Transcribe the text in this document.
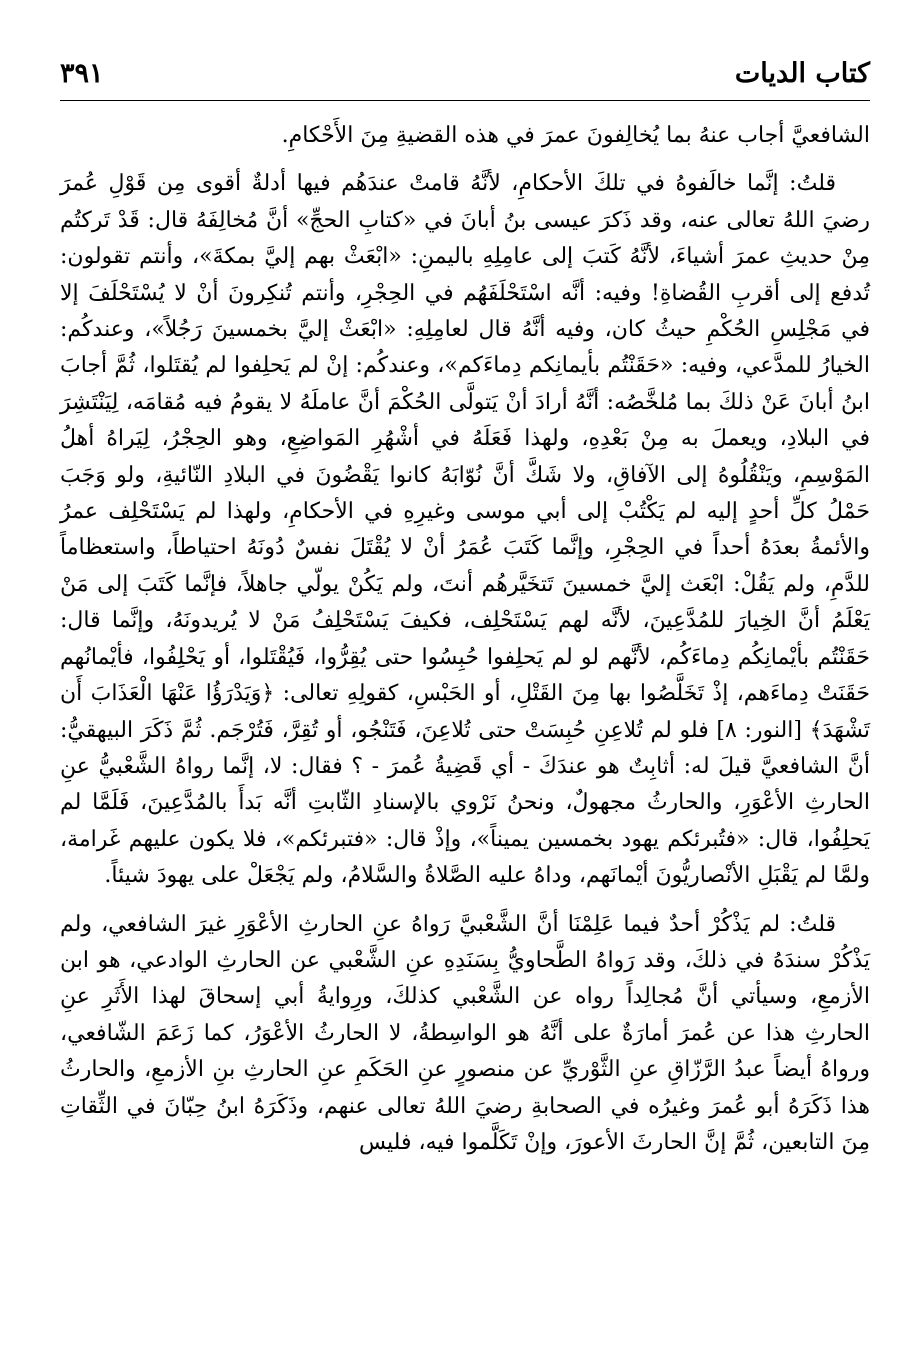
كتاب الديات
٣٩١

الشافعيَّ أجاب عنهُ بما يُخالِفونَ عمرَ في هذه القضيةِ مِنَ الأَحْكامِ.

قلتُ: إنَّما خالَفوهُ في تلكَ الأحكامِ، لأنَّهُ قامتْ عندَهُم فيها أدلةٌ أقوى مِن قَوْلِ عُمرَ رضيَ اللهُ تعالى عنه، وقد ذَكرَ عيسى بنُ أبانَ في «كتابِ الحجِّ» أنَّ مُخالِفَهُ قال: قَدْ تَركتُم مِنْ حديثِ عمرَ أشياءَ، لأنَّهُ كَتبَ إلى عامِلِهِ باليمنِ: «ابْعَثْ بهم إليَّ بمكةَ»، وأنتم تقولون: تُدفع إلى أقربِ القُضاةِ! وفيه: أنَّه اسْتَحْلَفَهُم في الحِجْرِ، وأنتم تُنكِرونَ أنْ لا يُسْتَحْلَفَ إلا في مَجْلِسِ الحُكْمِ حيثُ كان، وفيه أنَّهُ قال لعامِلِهِ: «ابْعَثْ إليَّ بخمسينَ رَجُلاً»، وعندكُم: الخيارُ للمدَّعي، وفيه: «حَقَنْتُم بأيمانِكم دِماءَكم»، وعندكُم: إنْ لم يَحلِفوا لم يُقتَلوا، ثُمَّ أجابَ ابنُ أبانَ عَنْ ذلكَ بما مُلخَّصُه: أنَّهُ أرادَ أنْ يَتولَّى الحُكْمَ أنَّ عاملَهُ لا يقومُ فيه مُقامَه، لِيَنْتَشِرَ في البلادِ، ويعملَ به مِنْ بَعْدِهِ، ولهذا فَعَلَهُ في أشْهُرِ المَواضِعِ، وهو الحِجْرُ، لِيَراهُ أهلُ المَوْسِمِ، ويَنْقُلُوهُ إلى الآفاقِ، ولا شَكَّ أنَّ نُوّابَهُ كانوا يَقْضُونَ في البلادِ النّائيةِ، ولو وَجَبَ حَمْلُ كلِّ أحدٍ إليه لم يَكْتُبْ إلى أبي موسى وغيرِهِ في الأحكامِ، ولهذا لم يَسْتَحْلِف عمرُ والأئمةُ بعدَهُ أحداً في الحِجْرِ، وإنَّما كَتَبَ عُمَرُ أنْ لا يُقْتَلَ نفسٌ دُونَهُ احتياطاً، واستعظاماً للدَّمِ، ولم يَقُلْ: ابْعَث إليَّ خمسينَ تَتخَيَّرهُم أنتَ، ولم يَكُنْ يولّي جاهلاً، فإنَّما كَتَبَ إلى مَنْ يَعْلَمُ أنَّ الخِيارَ للمُدَّعِينَ، لأنَّه لهم يَسْتَحْلِف، فكيفَ يَسْتَحْلِفُ مَنْ لا يُريدونَهُ، وإنَّما قال: حَقَنْتُم بأيْمانِكُم دِماءَكُم، لأنَّهم لو لم يَحلِفوا حُبِسُوا حتى يُقِرُّوا، فَيُقْتَلوا، أو يَحْلِفُوا، فأيْمانُهم حَقَنَتْ دِماءَهم، إذْ تَخَلَّصُوا بها مِنَ القَتْلِ، أو الحَبْسِ، كقولِهِ تعالى: ﴿وَيَدْرَؤُا عَنْهَا الْعَذَابَ أَن تَشْهَدَ﴾ [النور: ٨] فلو لم تُلاعِنِ حُبِسَتْ حتى تُلاعِنَ، فَتَنْجُو، أو تُقِرَّ، فَتُرْجَم. ثُمَّ ذَكَرَ البيهقيُّ: أنَّ الشافعيَّ قيلَ له: أثابِتٌ هو عندَكَ - أي قَضِيةُ عُمرَ - ؟ فقال: لا، إنَّما رواهُ الشَّعْبيُّ عنِ الحارثِ الأعْوَرِ، والحارثُ مجهولٌ، ونحنُ نَرْوي بالإسنادِ الثّابتِ أنَّه بَدأَ بالمُدَّعِينَ، فَلَمَّا لم يَحلِفُوا، قال: «فتُبرئكم يهود بخمسين يميناً»، وإذْ قال: «فتبرئكم»، فلا يكون عليهم غَرامة، ولمَّا لم يَقْبَلِ الأنْصاريُّونَ أيْمانَهم، وداهُ عليه الصَّلاةُ والسَّلامُ، ولم يَجْعَلْ على يهودَ شيئاً.

قلتُ: لم يَذْكُرْ أحدٌ فيما عَلِمْنَا أنَّ الشَّعْبيَّ رَواهُ عنِ الحارثِ الأعْوَرِ غيرَ الشافعي، ولم يَذْكُرْ سندَهُ في ذلكَ، وقد رَواهُ الطَّحاويُّ بِسَنَدِهِ عنِ الشَّعْبي عن الحارثِ الوادعي، هو ابن الأزمعِ، وسيأتي أنَّ مُجالِداً رواه عن الشَّعْبي كذلكَ، ورِوايةُ أبي إسحاقَ لهذا الأَثَرِ عنِ الحارثِ هذا عن عُمرَ أمارَةٌ على أنَّهُ هو الواسِطةُ، لا الحارثُ الأعْوَرُ، كما زَعَمَ الشّافعي، ورواهُ أيضاً عبدُ الرَّزّاقِ عنِ الثَّوْريِّ عن منصورٍ عنِ الحَكَمِ عنِ الحارثِ بنِ الأزمعِ، والحارثُ هذا ذَكَرَهُ أبو عُمرَ وغيرُه في الصحابةِ رضيَ اللهُ تعالى عنهم، وذَكَرَهُ ابنُ حِبّانَ في الثِّقاتِ مِنَ التابعين، ثُمَّ إنَّ الحارثَ الأعورَ، وإنْ تَكَلَّموا فيه، فليس
